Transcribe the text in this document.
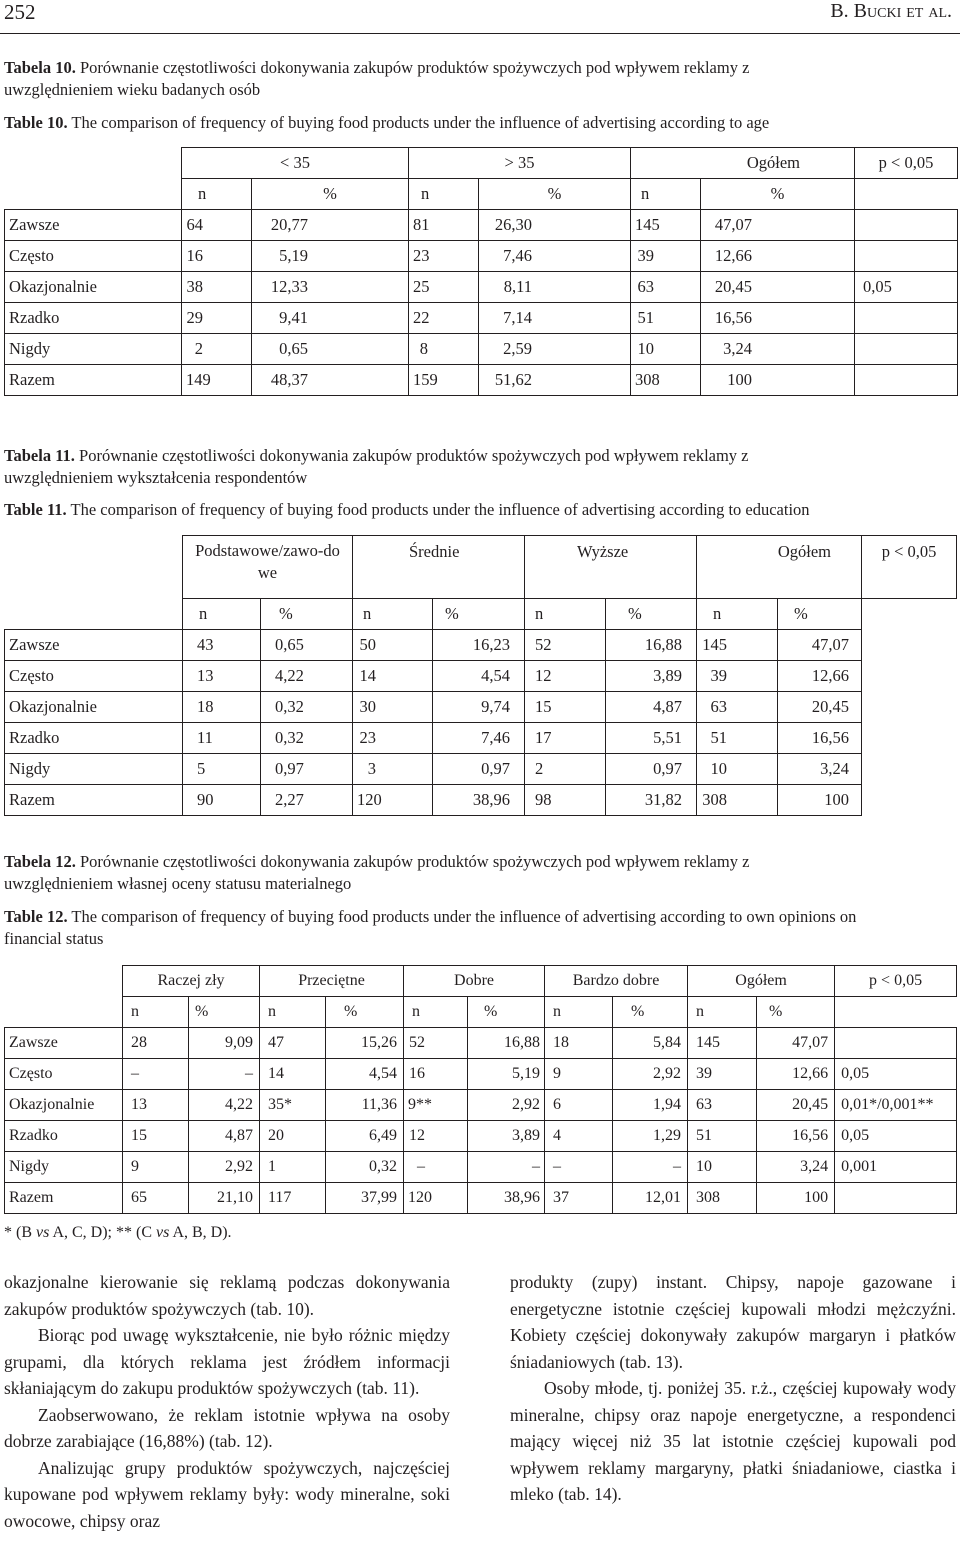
252	B. Bucki et al.
Tabela 10. Porównanie częstotliwości dokonywania zakupów produktów spożywczych pod wpływem reklamy z uwzględnieniem wieku badanych osób
Table 10. The comparison of frequency of buying food products under the influence of advertising according to age
	< 35		> 35		Ogółem		p < 0,05
	n	%	n	%	n	%	
Zawsze	64	20,77	81	26,30	145	47,07	
Często	16	5,19	23	7,46	39	12,66	
Okazjonalnie	38	12,33	25	8,11	63	20,45	0,05
Rzadko	29	9,41	22	7,14	51	16,56	
Nigdy	2	0,65	8	2,59	10	3,24	
Razem	149	48,37	159	51,62	308	100	
Tabela 11. Porównanie częstotliwości dokonywania zakupów produktów spożywczych pod wpływem reklamy z uwzględnieniem wykształcenia respondentów
Table 11. The comparison of frequency of buying food products under the influence of advertising according to education
	Podstawowe/zawo-dowe		Średnie		Wyższe		Ogółem		p < 0,05
	n	%	n	%	n	%	n	%	
Zawsze	43	0,65	50	16,23	52	16,88	145	47,07	
Często	13	4,22	14	4,54	12	3,89	39	12,66	
Okazjonalnie	18	0,32	30	9,74	15	4,87	63	20,45	
Rzadko	11	0,32	23	7,46	17	5,51	51	16,56	
Nigdy	5	0,97	3	0,97	2	0,97	10	3,24	
Razem	90	2,27	120	38,96	98	31,82	308	100	
Tabela 12. Porównanie częstotliwości dokonywania zakupów produktów spożywczych pod wpływem reklamy z uwzględnieniem własnej oceny statusu materialnego
Table 12. The comparison of frequency of buying food products under the influence of advertising according to own opinions on financial status
	Raczej zły		Przeciętne		Dobre		Bardzo dobre		Ogółem		p < 0,05
	n	%	n	%	n	%	n	%	n	%	
Zawsze	28	9,09	47	15,26	52	16,88	18	5,84	145	47,07	
Często	–	–	14	4,54	16	5,19	9	2,92	39	12,66	0,05
Okazjonalnie	13	4,22	35*	11,36	9**	2,92	6	1,94	63	20,45	0,01*/0,001**
Rzadko	15	4,87	20	6,49	12	3,89	4	1,29	51	16,56	0,05
Nigdy	9	2,92	1	0,32	–	–	–	–	10	3,24	0,001
Razem	65	21,10	117	37,99	120	38,96	37	12,01	308	100	
* (B vs A, C, D); ** (C vs A, B, D).

okazjonalne kierowanie się reklamą podczas dokonywania zakupów produktów spożywczych (tab. 10).

Biorąc pod uwagę wykształcenie, nie było różnic między grupami, dla których reklama jest źródłem informacji skłaniającym do zakupu produktów spożywczych (tab. 11).

Zaobserwowano, że reklam istotnie wpływa na osoby dobrze zarabiające (16,88%) (tab. 12).

Analizując grupy produktów spożywczych, najczęściej kupowane pod wpływem reklamy były: wody mineralne, soki owocowe, chipsy oraz

produkty (zupy) instant. Chipsy, napoje gazowane i energetyczne istotnie częściej kupowali młodzi mężczyźni. Kobiety częściej dokonywały zakupów margaryn i płatków śniadaniowych (tab. 13).

Osoby młode, tj. poniżej 35. r.ż., częściej kupowały wody mineralne, chipsy oraz napoje energetyczne, a respondenci mający więcej niż 35 lat istotnie częściej kupowali pod wpływem reklamy margaryny, płatki śniadaniowe, ciastka i mleko (tab. 14).
